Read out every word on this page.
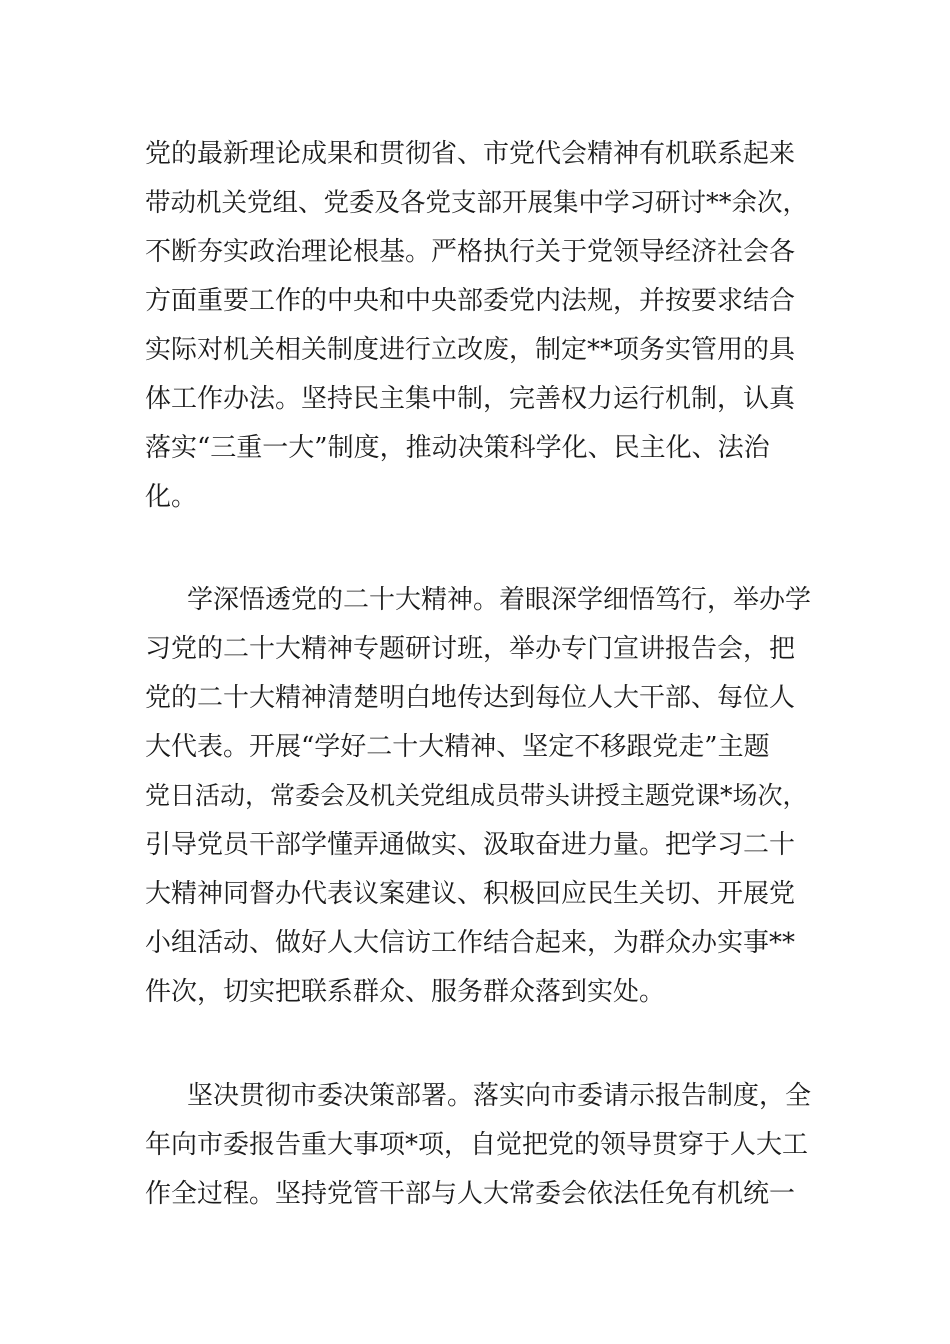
党的最新理论成果和贯彻省、市党代会精神有机联系起来
带动机关党组、党委及各党支部开展集中学习研讨**余次，
不断夯实政治理论根基。严格执行关于党领导经济社会各
方面重要工作的中央和中央部委党内法规，并按要求结合
实际对机关相关制度进行立改废，制定**项务实管用的具
体工作办法。坚持民主集中制，完善权力运行机制，认真
落实“三重一大”制度，推动决策科学化、民主化、法治
化。
学深悟透党的二十大精神。着眼深学细悟笃行，举办学
习党的二十大精神专题研讨班，举办专门宣讲报告会，把
党的二十大精神清楚明白地传达到每位人大干部、每位人
大代表。开展“学好二十大精神、坚定不移跟党走”主题
党日活动，常委会及机关党组成员带头讲授主题党课*场次，
引导党员干部学懂弄通做实、汲取奋进力量。把学习二十
大精神同督办代表议案建议、积极回应民生关切、开展党
小组活动、做好人大信访工作结合起来，为群众办实事**
件次，切实把联系群众、服务群众落到实处。
坚决贯彻市委决策部署。落实向市委请示报告制度，全
年向市委报告重大事项*项，自觉把党的领导贯穿于人大工
作全过程。坚持党管干部与人大常委会依法任免有机统一
